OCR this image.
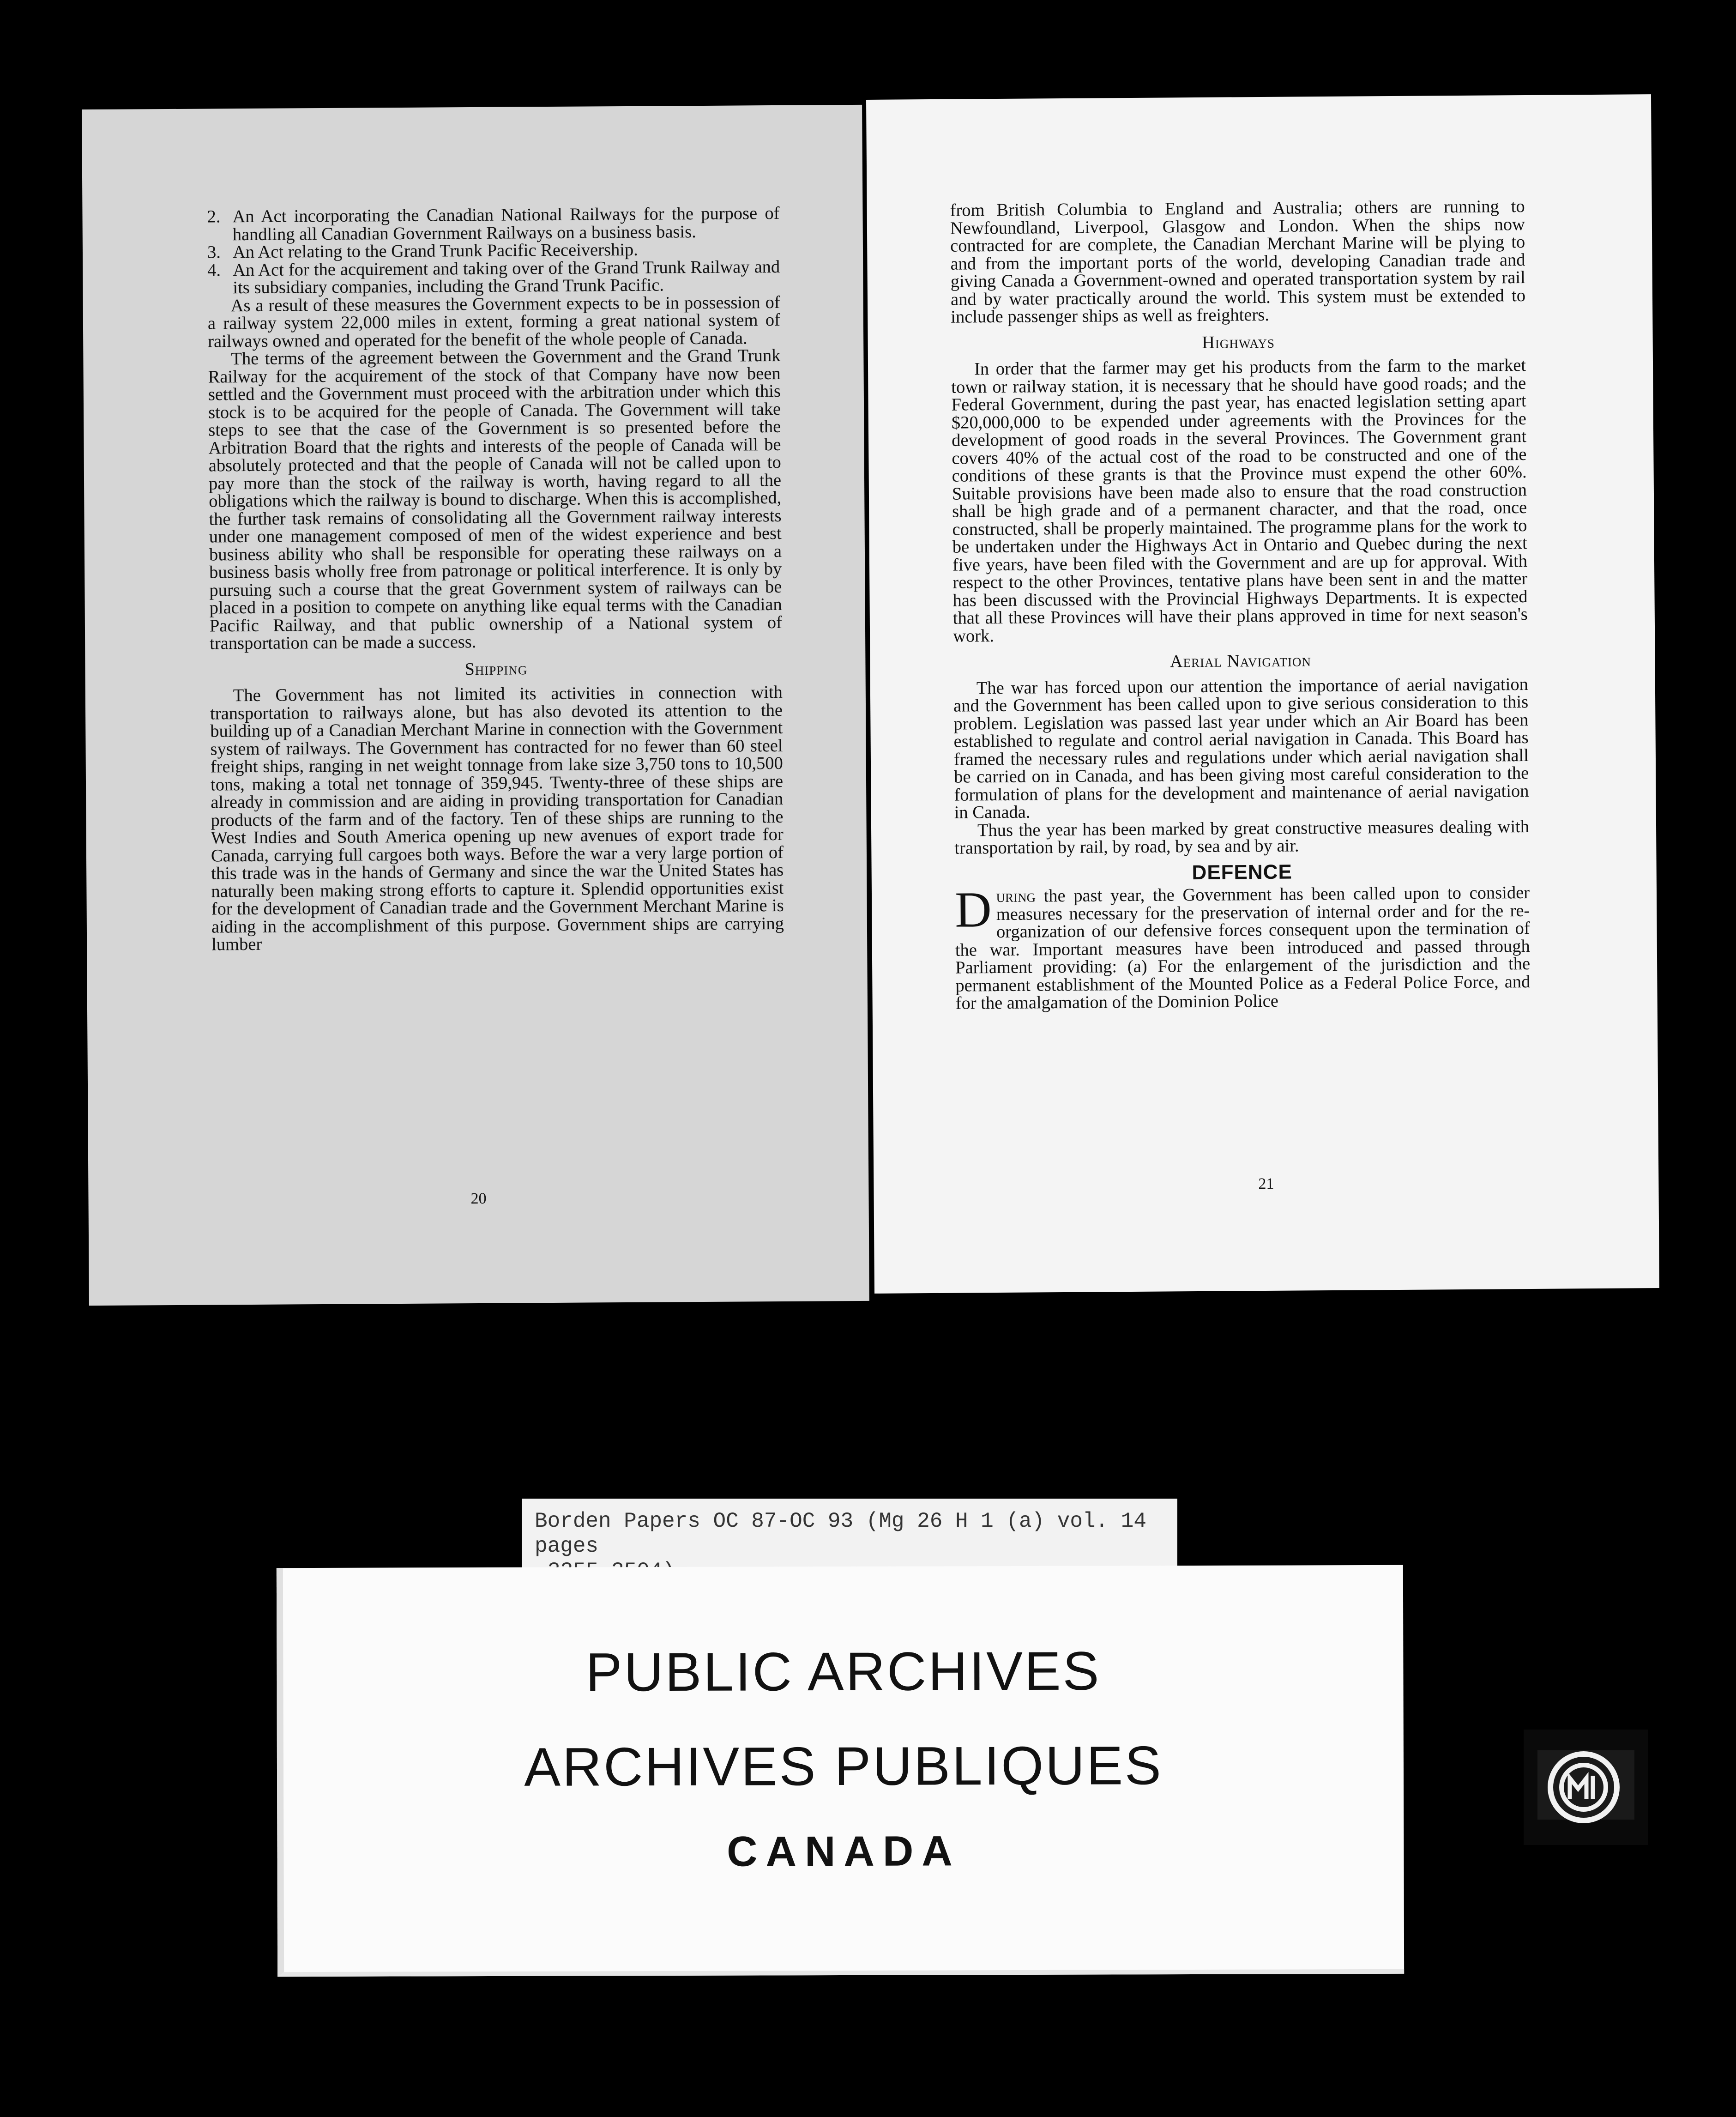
2. An Act incorporating the Canadian National Railways for the purpose of handling all Canadian Government Railways on a business basis.
3. An Act relating to the Grand Trunk Pacific Receivership.
4. An Act for the acquirement and taking over of the Grand Trunk Railway and its subsidiary companies, including the Grand Trunk Pacific.

As a result of these measures the Government expects to be in possession of a railway system 22,000 miles in extent, forming a great national system of railways owned and operated for the benefit of the whole people of Canada.

The terms of the agreement between the Government and the Grand Trunk Railway for the acquirement of the stock of that Company have now been settled and the Government must proceed with the arbitration under which this stock is to be acquired for the people of Canada. The Government will take steps to see that the case of the Government is so presented before the Arbitration Board that the rights and interests of the people of Canada will be absolutely protected and that the people of Canada will not be called upon to pay more than the stock of the railway is worth, having regard to all the obligations which the railway is bound to discharge. When this is accomplished, the further task remains of consolidating all the Government railway interests under one management composed of men of the widest experience and best business ability who shall be responsible for operating these railways on a business basis wholly free from patronage or political interference. It is only by pursuing such a course that the great Government system of railways can be placed in a position to compete on anything like equal terms with the Canadian Pacific Railway, and that public ownership of a National system of transportation can be made a success.

Shipping

The Government has not limited its activities in connection with transportation to railways alone, but has also devoted its attention to the building up of a Canadian Merchant Marine in connection with the Government system of railways. The Government has contracted for no fewer than 60 steel freight ships, ranging in net weight tonnage from lake size 3,750 tons to 10,500 tons, making a total net tonnage of 359,945. Twenty-three of these ships are already in commission and are aiding in providing transportation for Canadian products of the farm and of the factory. Ten of these ships are running to the West Indies and South America opening up new avenues of export trade for Canada, carrying full cargoes both ways. Before the war a very large portion of this trade was in the hands of Germany and since the war the United States has naturally been making strong efforts to capture it. Splendid opportunities exist for the development of Canadian trade and the Government Merchant Marine is aiding in the accomplishment of this purpose. Government ships are carrying lumber

20

from British Columbia to England and Australia; others are running to Newfoundland, Liverpool, Glasgow and London. When the ships now contracted for are complete, the Canadian Merchant Marine will be plying to and from the important ports of the world, developing Canadian trade and giving Canada a Government-owned and operated transportation system by rail and by water practically around the world. This system must be extended to include passenger ships as well as freighters.

Highways

In order that the farmer may get his products from the farm to the market town or railway station, it is necessary that he should have good roads; and the Federal Government, during the past year, has enacted legislation setting apart $20,000,000 to be expended under agreements with the Provinces for the development of good roads in the several Provinces. The Government grant covers 40% of the actual cost of the road to be constructed and one of the conditions of these grants is that the Province must expend the other 60%. Suitable provisions have been made also to ensure that the road construction shall be high grade and of a permanent character, and that the road, once constructed, shall be properly maintained. The programme plans for the work to be undertaken under the Highways Act in Ontario and Quebec during the next five years, have been filed with the Government and are up for approval. With respect to the other Provinces, tentative plans have been sent in and the matter has been discussed with the Provincial Highways Departments. It is expected that all these Provinces will have their plans approved in time for next season's work.

Aerial Navigation

The war has forced upon our attention the importance of aerial navigation and the Government has been called upon to give serious consideration to this problem. Legislation was passed last year under which an Air Board has been established to regulate and control aerial navigation in Canada. This Board has framed the necessary rules and regulations under which aerial navigation shall be carried on in Canada, and has been giving most careful consideration to the formulation of plans for the development and maintenance of aerial navigation in Canada.

Thus the year has been marked by great constructive measures dealing with transportation by rail, by road, by sea and by air.

DEFENCE

During the past year, the Government has been called upon to consider measures necessary for the preservation of internal order and for the re-organization of our defensive forces consequent upon the termination of the war. Important measures have been introduced and passed through Parliament providing: (a) For the enlargement of the jurisdiction and the permanent establishment of the Mounted Police as a Federal Police Force, and for the amalgamation of the Dominion Police

21
Borden Papers OC 87-OC 93 (Mg 26 H 1 (a) vol. 14 pages
PUBLIC ARCHIVES
ARCHIVES PUBLIQUES
CANADA
